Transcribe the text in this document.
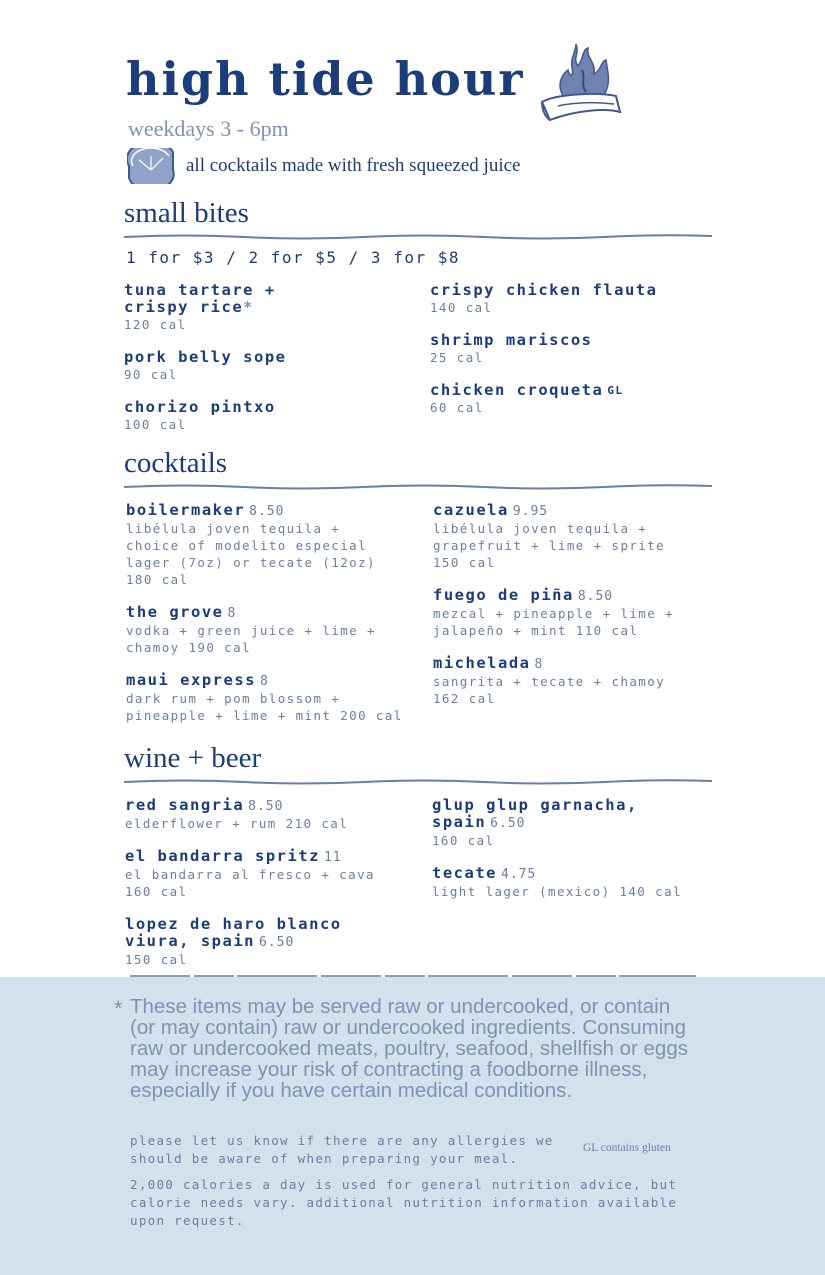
high tide hour
weekdays 3 - 6pm
all cocktails made with fresh squeezed juice
small bites
1 for $3 / 2 for $5 / 3 for $8
tuna tartare +
crispy rice*
120 cal
pork belly sope
90 cal
chorizo pintxo
100 cal
crispy chicken flauta
140 cal
shrimp mariscos
25 cal
chicken croqueta $^{GL}$
60 cal
cocktails
boilermaker 8.50
libélula joven tequila +
choice of modelito especial
lager (7oz) or tecate (12oz)
180 cal
the grove 8
vodka + green juice + lime +
chamoy 190 cal
maui express 8
dark rum + pom blossom +
pineapple + lime + mint 200 cal
cazuela 9.95
libélula joven tequila +
grapefruit + lime + sprite
150 cal
fuego de piña 8.50
mezcal + pineapple + lime +
jalapeño + mint 110 cal
michelada 8
sangrita + tecate + chamoy
162 cal
wine + beer
red sangria 8.50
elderflower + rum 210 cal
el bandarra spritz 11
el bandarra al fresco + cava
160 cal
lopez de haro blanco
viura, spain 6.50
150 cal
glup glup garnacha,
spain 6.50
160 cal
tecate 4.75
light lager (mexico) 140 cal
* These items may be served raw or undercooked, or contain (or may contain) raw or undercooked ingredients. Consuming raw or undercooked meats, poultry, seafood, shellfish or eggs may increase your risk of contracting a foodborne illness, especially if you have certain medical conditions.
please let us know if there are any allergies we should be aware of when preparing your meal.
GL contains gluten
2,000 calories a day is used for general nutrition advice, but calorie needs vary. additional nutrition information available upon request.
